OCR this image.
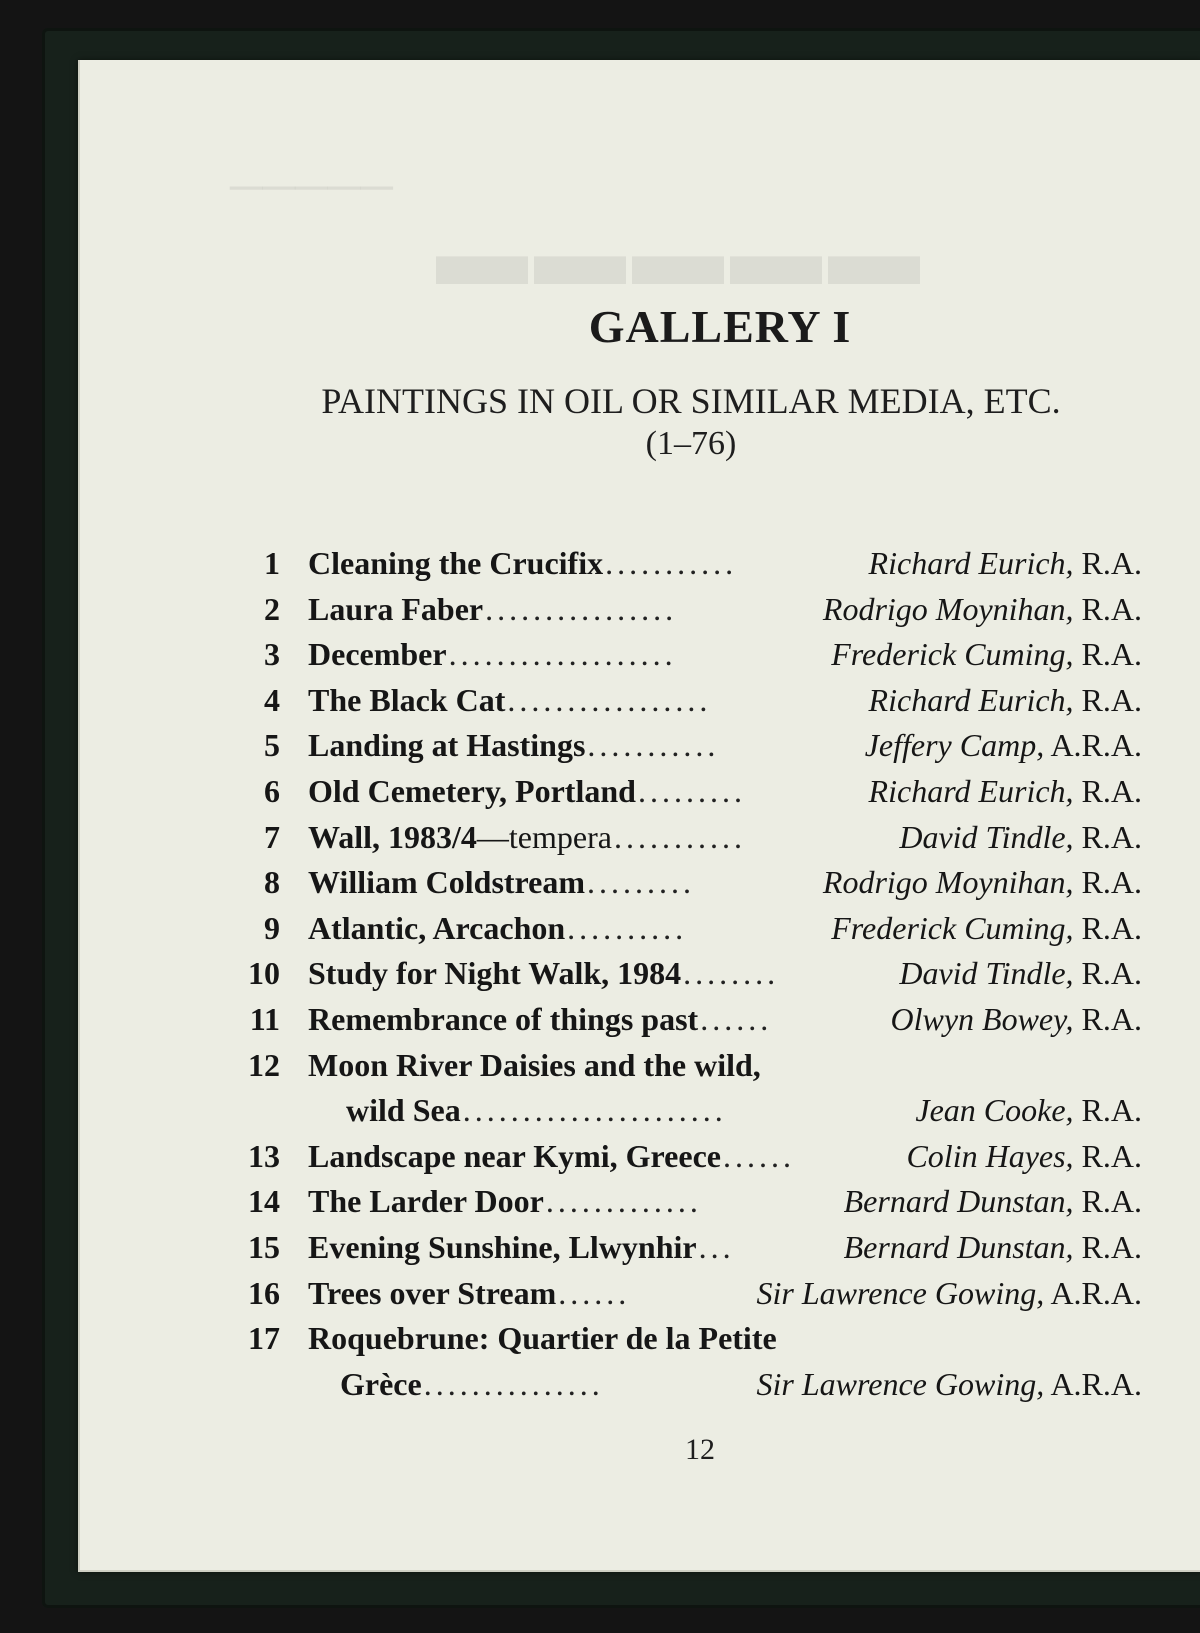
─────
▬▬▬▬▬
GALLERY I
PAINTINGS IN OIL OR SIMILAR MEDIA, ETC.
(1–76)
1 Cleaning the Crucifix ...........	Richard Eurich, R.A.
2 Laura Faber ................	Rodrigo Moynihan, R.A.
3 December ...................	Frederick Cuming, R.A.
4 The Black Cat .................	Richard Eurich, R.A.
5 Landing at Hastings ...........	Jeffery Camp, A.R.A.
6 Old Cemetery, Portland .........	Richard Eurich, R.A.
7 Wall, 1983/4—tempera ...........	David Tindle, R.A.
8 William Coldstream .........	Rodrigo Moynihan, R.A.
9 Atlantic, Arcachon ..........	Frederick Cuming, R.A.
10 Study for Night Walk, 1984 ........	David Tindle, R.A.
11 Remembrance of things past ......	Olwyn Bowey, R.A.
12 Moon River Daisies and the wild,
wild Sea ......................	Jean Cooke, R.A.
13 Landscape near Kymi, Greece ......	Colin Hayes, R.A.
14 The Larder Door .............	Bernard Dunstan, R.A.
15 Evening Sunshine, Llwynhir ...	Bernard Dunstan, R.A.
16 Trees over Stream ......	Sir Lawrence Gowing, A.R.A.
17 Roquebrune: Quartier de la Petite
Grèce ...............	Sir Lawrence Gowing, A.R.A.
12
